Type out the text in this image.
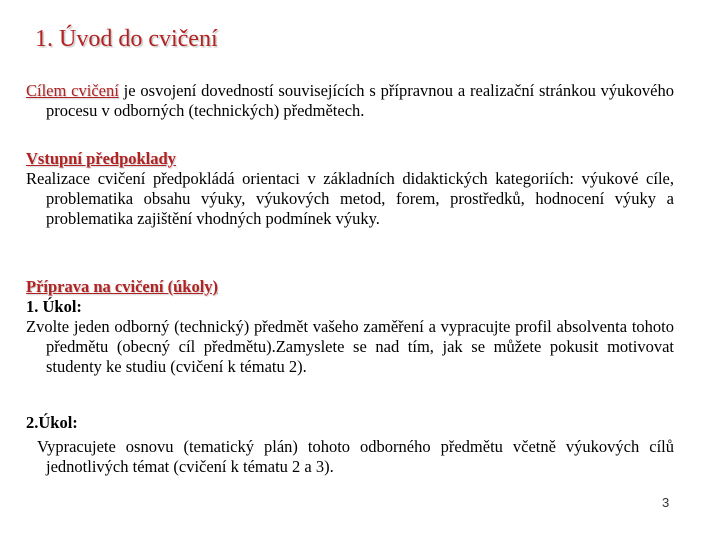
1. Úvod do cvičení

Cílem cvičení je osvojení dovedností souvisejících s přípravnou a realizační stránkou výukového procesu v odborných (technických) předmětech.

Vstupní předpoklady

Realizace cvičení předpokládá orientaci v základních didaktických kategoriích: výukové cíle, problematika obsahu výuky, výukových metod, forem, prostředků, hodnocení výuky a problematika zajištění vhodných podmínek výuky.

Příprava na cvičení (úkoly)

1. Úkol:

Zvolte jeden odborný (technický) předmět vašeho zaměření a vypracujte profil absolventa tohoto předmětu (obecný cíl předmětu).Zamyslete se nad tím, jak se můžete pokusit motivovat studenty ke studiu (cvičení k tématu 2).

2.Úkol:

Vypracujete osnovu (tematický plán) tohoto odborného předmětu včetně výukových cílů jednotlivých témat (cvičení k tématu 2 a 3).

3
